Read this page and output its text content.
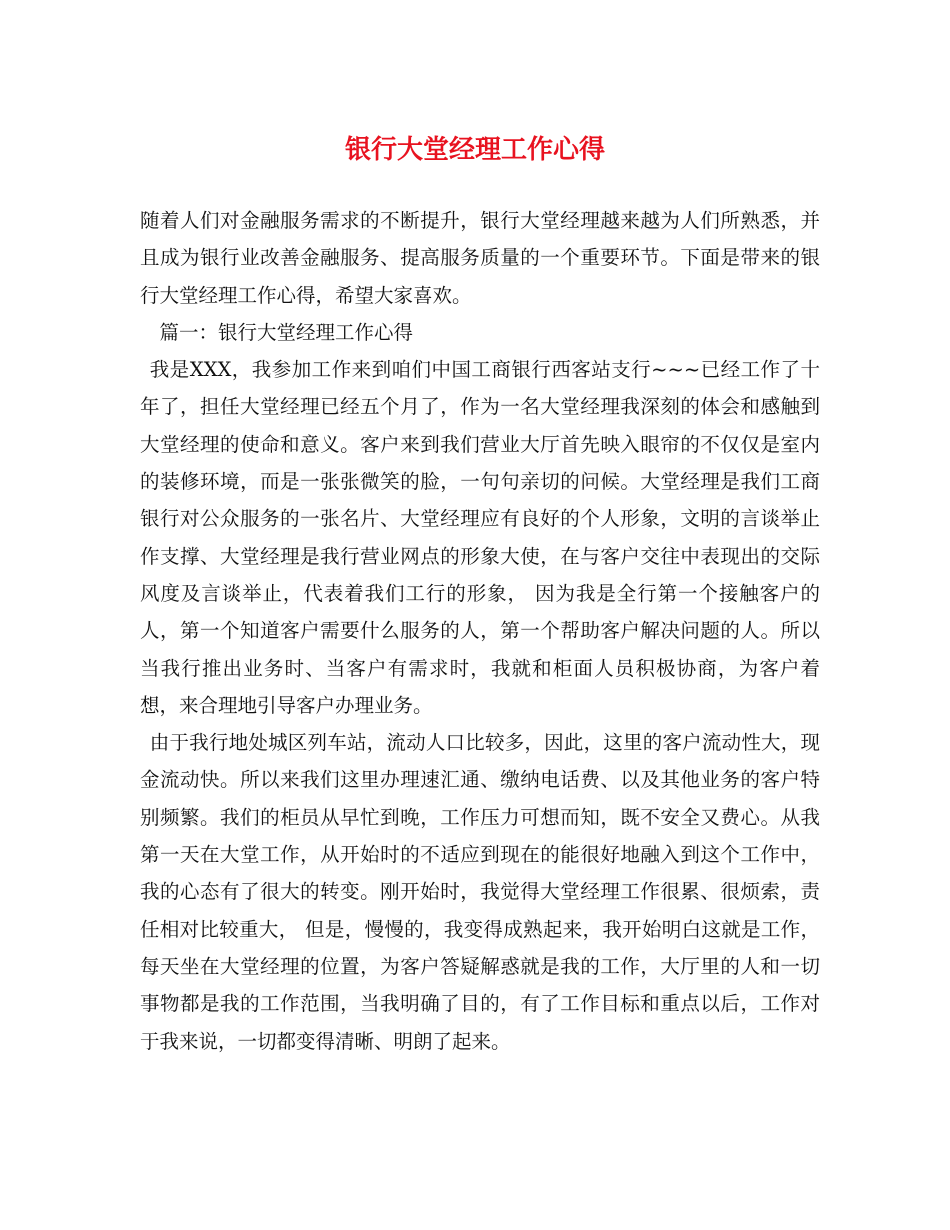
银行大堂经理工作心得

随着人们对金融服务需求的不断提升，银行大堂经理越来越为人们所熟悉，并且成为银行业改善金融服务、提高服务质量的一个重要环节。下面是带来的银行大堂经理工作心得，希望大家喜欢。

篇一：银行大堂经理工作心得

我是XXX，我参加工作来到咱们中国工商银行西客站支行~~~已经工作了十年了，担任大堂经理已经五个月了，作为一名大堂经理我深刻的体会和感触到大堂经理的使命和意义。客户来到我们营业大厅首先映入眼帘的不仅仅是室内的装修环境，而是一张张微笑的脸，一句句亲切的问候。大堂经理是我们工商银行对公众服务的一张名片、大堂经理应有良好的个人形象，文明的言谈举止作支撑、大堂经理是我行营业网点的形象大使，在与客户交往中表现出的交际风度及言谈举止，代表着我们工行的形象， 因为我是全行第一个接触客户的人，第一个知道客户需要什么服务的人，第一个帮助客户解决问题的人。所以当我行推出业务时、当客户有需求时，我就和柜面人员积极协商，为客户着想，来合理地引导客户办理业务。

由于我行地处城区列车站，流动人口比较多，因此，这里的客户流动性大，现金流动快。所以来我们这里办理速汇通、缴纳电话费、以及其他业务的客户特别频繁。我们的柜员从早忙到晚，工作压力可想而知，既不安全又费心。从我第一天在大堂工作，从开始时的不适应到现在的能很好地融入到这个工作中，我的心态有了很大的转变。刚开始时，我觉得大堂经理工作很累、很烦索，责任相对比较重大， 但是，慢慢的，我变得成熟起来，我开始明白这就是工作，每天坐在大堂经理的位置，为客户答疑解惑就是我的工作，大厅里的人和一切事物都是我的工作范围，当我明确了目的，有了工作目标和重点以后，工作对于我来说，一切都变得清晰、明朗了起来。
